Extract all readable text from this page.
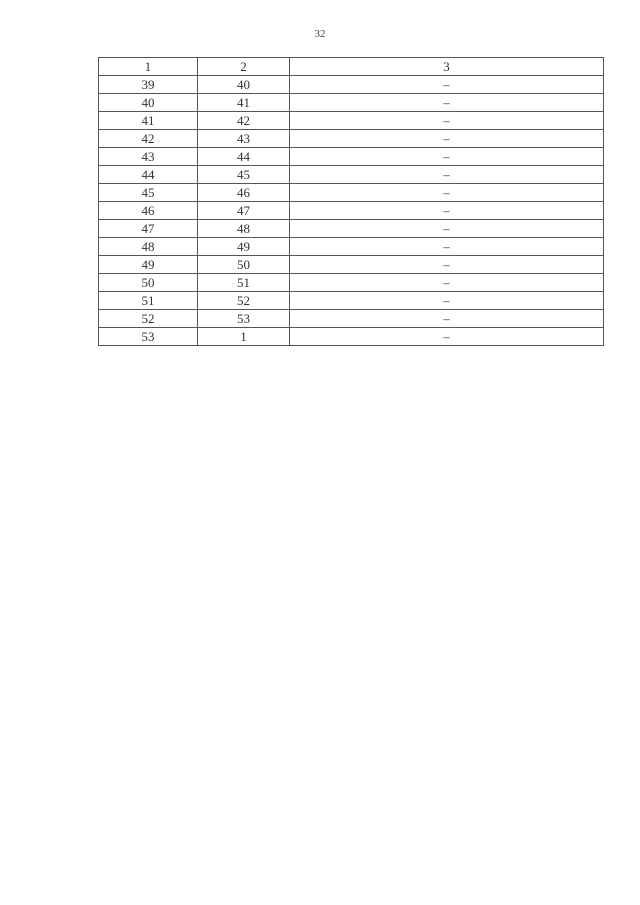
32
1	2	3
39	40	–
40	41	–
41	42	–
42	43	–
43	44	–
44	45	–
45	46	–
46	47	–
47	48	–
48	49	–
49	50	–
50	51	–
51	52	–
52	53	–
53	1	–
